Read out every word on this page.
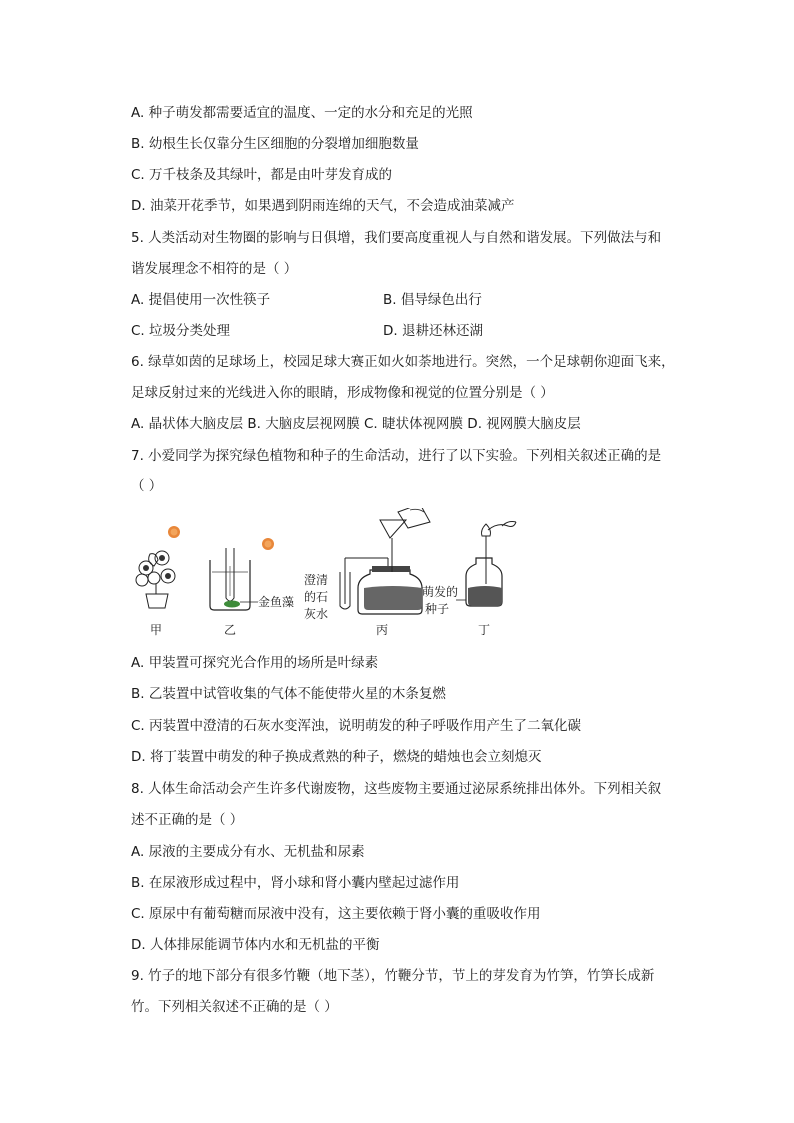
A. 种子萌发都需要适宜的温度、一定的水分和充足的光照
B. 幼根生长仅靠分生区细胞的分裂增加细胞数量
C. 万千枝条及其绿叶，都是由叶芽发育成的
D. 油菜开花季节，如果遇到阴雨连绵的天气，不会造成油菜减产
5. 人类活动对生物圈的影响与日俱增，我们要高度重视人与自然和谐发展。下列做法与和
谐发展理念不相符的是（ ）
A. 提倡使用一次性筷子	B. 倡导绿色出行
C. 垃圾分类处理	D. 退耕还林还湖
6. 绿草如茵的足球场上，校园足球大赛正如火如荼地进行。突然，一个足球朝你迎面飞来，
足球反射过来的光线进入你的眼睛，形成物像和视觉的位置分别是（ ）
A. 晶状体大脑皮层 B. 大脑皮层视网膜 C. 睫状体视网膜 D. 视网膜大脑皮层
7. 小爱同学为探究绿色植物和种子的生命活动，进行了以下实验。下列相关叙述正确的是
（ ）
甲
金鱼藻
乙
澄清
的石
灰水
丙
萌发的
种子
丁
A. 甲装置可探究光合作用的场所是叶绿素
B. 乙装置中试管收集的气体不能使带火星的木条复燃
C. 丙装置中澄清的石灰水变浑浊，说明萌发的种子呼吸作用产生了二氧化碳
D. 将丁装置中萌发的种子换成煮熟的种子，燃烧的蜡烛也会立刻熄灭
8. 人体生命活动会产生许多代谢废物，这些废物主要通过泌尿系统排出体外。下列相关叙
述不正确的是（ ）
A. 尿液的主要成分有水、无机盐和尿素
B. 在尿液形成过程中，肾小球和肾小囊内壁起过滤作用
C. 原尿中有葡萄糖而尿液中没有，这主要依赖于肾小囊的重吸收作用
D. 人体排尿能调节体内水和无机盐的平衡
9. 竹子的地下部分有很多竹鞭（地下茎），竹鞭分节，节上的芽发育为竹笋，竹笋长成新
竹。下列相关叙述不正确的是（ ）
